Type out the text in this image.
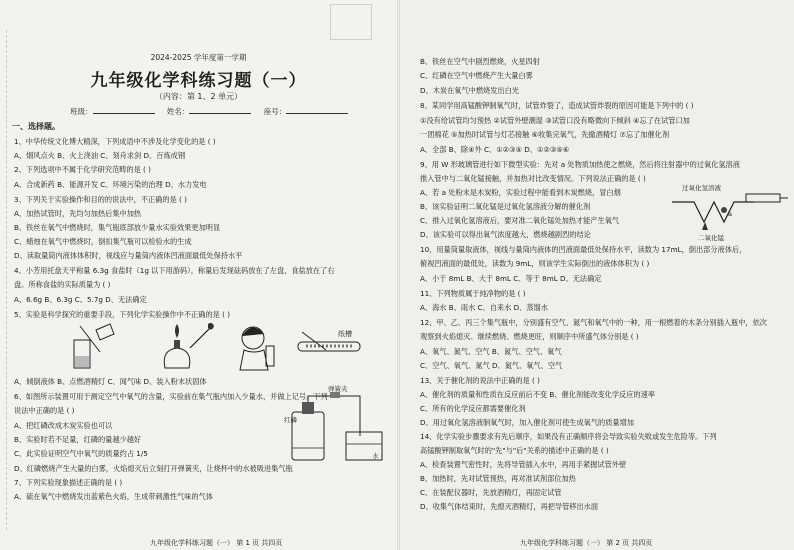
2024-2025 学年度第一学期
九年级化学科练习题（一）
（内容：第 1、2 单元）
班级：	姓名：	座号：
一、选择题。
1、中华传统文化博大精深，下列成语中不涉及化学变化的是 ( )
A、烟风点火 B、火上浇油 C、刻舟求剑 D、百炼成钢
2、下列选项中不属于化学研究范畴的是 ( )
A、合成新药 B、能源开发 C、环境污染的治理 D、水力发电
3、下列关于实验操作和目的的说法中，不正确的是 ( )
A、加热试管时，先均匀加热后集中加热
B、铁丝在氧气中燃烧时，集气瓶底部放少量水实验效果更加明显
C、蜡烛在氧气中燃烧时，倒扣集气瓶可以检验水的生成
D、读取量筒内液体体积时，视线应与量筒内液体凹液面最低处保持水平
4、小芳用托盘天平称量 6.3g 食盐时（1g 以下用游码），称量后发现砝码放在了左盘，食盐放在了右
盘。所称食盐的实际质量为 ( )
A、6.6g B、6.3g C、5.7g D、无法确定
5、实验是科学探究的重要手段，下列化学实验操作中不正确的是 ( )
A、倾倒液体 B、点燃酒精灯 C、闻气味 D、装入粉末状固体
6、如图所示装置可用于测定空气中氧气的含量，实验前在集气瓶内加入少量水，并做上记号。下列
说法中正确的是 ( )
A、把红磷改成木炭实验也可以
B、实验时若不足量，红磷的量越少越好
C、此实验证明空气中氧气的质量约占 1/5
D、红磷燃烧产生大量的白雾，火焰熄灭后立刻打开弹簧夹，让烧杯中的水被吸进集气瓶
7、下列实验现象描述正确的是 ( )
A、硫在氧气中燃烧发出蓝紫色火焰，生成带刺激性气味的气体
纸槽
弹簧夹
红磷
水
九年级化学科练习题（一） 第 1 页 共四页
B、铁丝在空气中剧烈燃烧，火星四射
C、红磷在空气中燃烧产生大量白雾
D、木炭在氧气中燃烧发出白光
8、某同学用高锰酸钾制氧气时，试管炸裂了，造成试管炸裂的原因可能是下列中的 ( )
①没有给试管均匀预热 ②试管外壁潮湿 ③试管口没有略微向下倾斜 ④忘了在试管口加
一团棉花 ⑤加热时试管与灯芯接触 ⑥收集完氧气，先撤酒精灯 ⑦忘了加催化剂
A、全部 B、除④外 C、①②③⑤ D、①②③⑤⑥
9、用 W 形玻璃管进行如下微型实验：先对 a 处物质加热使之燃烧，然后将注射器中的过氧化氢溶液
推入管中与二氧化锰接触，并加热对比改变情况。下列说法正确的是 ( )
A、若 a 处粉末是木炭粉，实验过程中能看到木炭燃烧，冒白烟
B、该实验证明二氧化锰是过氧化氢溶液分解的催化剂
C、推入过氧化氢溶液后，要对准二氧化锰处加热才能产生氧气
D、该实验可以得出氧气浓度越大，燃烧越剧烈的结论
10、用量筒量取液体，视线与量筒内液体的凹液面最低处保持水平，读数为 17mL，倒出部分液体后，
俯视凹液面的最低处，读数为 9mL，则该学生实际倒出的液体体积为 ( )
A、小于 8mL B、大于 8mL C、等于 8mL D、无法确定
11、下列物质属于纯净物的是 ( )
A、海水 B、雨水 C、自来水 D、蒸馏水
12、甲、乙、丙三个集气瓶中，分别盛有空气、氮气和氧气中的一种，用一根燃着的木条分别插入瓶中，依次
观察到火焰熄灭、继续燃烧、燃烧更旺，则顺序中所盛气体分别是 ( )
A、氧气、氮气、空气 B、氮气、空气、氧气
C、空气、氧气、氮气 D、氮气、氧气、空气
13、关于催化剂的说法中正确的是 ( )
A、催化剂的质量和性质在反应前后不变 B、催化剂能改变化学反应的速率
C、所有的化学反应都需要催化剂
D、用过氧化氢溶液制氧气时，加入催化剂可使生成氧气的质量增加
14、化学实验步骤要求有先后顺序，如果没有正确顺序将会导致实验失败或发生危险等。下列
高锰酸钾制取氧气时的"先"与"后"关系的描述中正确的是 ( )
A、检查装置气密性时，先将导管插入水中，再用手紧握试管外壁
B、加热时，先对试管预热，再对准试剂部位加热
C、在装配仪器时，先放酒精灯，再固定试管
D、收集气体结束时，先熄灭酒精灯，再把导管移出水面
过氧化氢溶液
二氧化锰
a
九年级化学科练习题（一） 第 2 页 共四页
